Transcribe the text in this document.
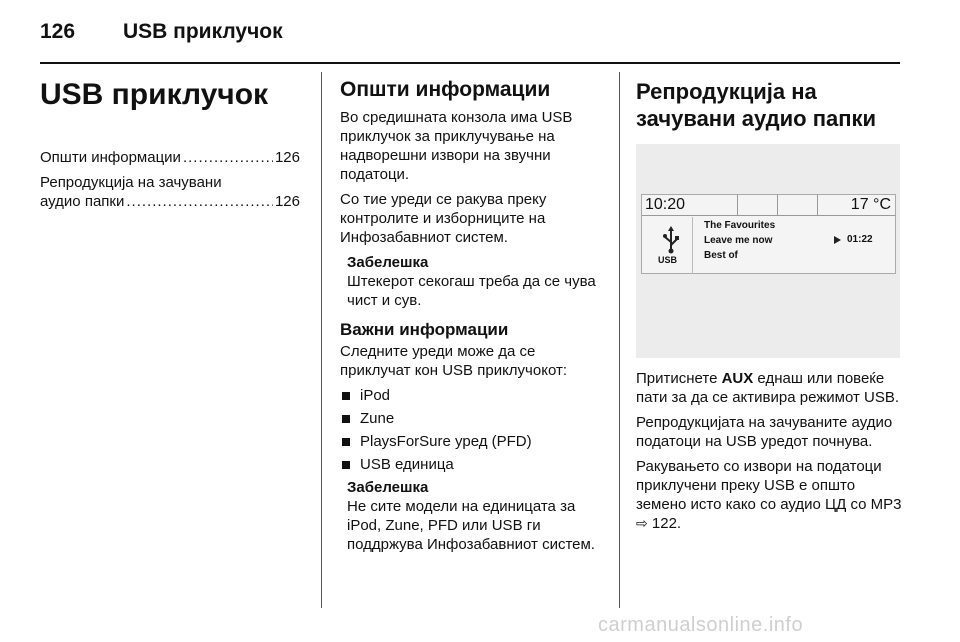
126 USB приклучок
USB приклучок
Општи информации .....	126
Репродукција на зачувани
аудио папки .....	126
Општи информации

Во средишната конзола има USB приклучок за приклучување на надворешни извори на звучни податоци.

Со тие уреди се ракува преку контролите и изборниците на Инфозабавниот систем.

Забелешка

Штекерот секогаш треба да се чува чист и сув.

Важни информации

Следните уреди може да се приклучат кон USB приклучокот:

iPod
Zune
PlaysForSure уред (PFD)
USB единица
Забелешка

Не сите модели на единицата за iPod, Zune, PFD или USB ги поддржува Инфозабавниот систем.

Репродукција на
зачувани аудио папки
10:20	17 °C
USB
The Favourites
Leave me now
Best of
01:22

Притиснете AUX еднаш или повеќе пати за да се активира режимот USB.

Репродукцијата на зачуваните аудио податоци на USB уредот почнува.

Ракувањето со извори на податоци приклучени преку USB е општо земено исто како со аудио ЦД со MP3 ⇨ 122.

carmanualsonline.info
